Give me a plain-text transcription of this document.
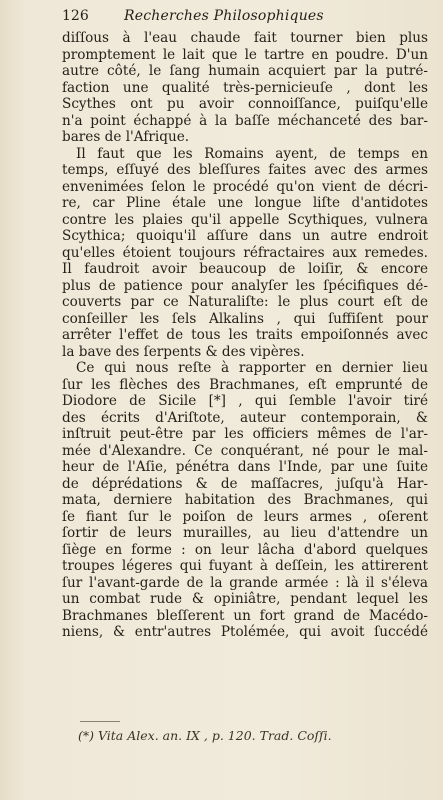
126	Recherches Philosophiques
diſſous à l'eau chaude fait tourner bien plus
promptement le lait que le tartre en poudre. D'un
autre côté, le ſang humain acquiert par la putré-
faction une qualité très-pernicieuſe , dont les
Scythes ont pu avoir connoiſſance, puiſqu'elle
n'a point échappé à la baſſe méchanceté des bar-
bares de l'Afrique.
Il faut que les Romains ayent, de temps en
temps, eſſuyé des bleſſures faites avec des armes
envenimées ſelon le procédé qu'on vient de décri-
re, car Pline étale une longue liſte d'antidotes
contre les plaies qu'il appelle Scythiques, vulnera
Scythica; quoiqu'il aſſure dans un autre endroit
qu'elles étoient toujours réfractaires aux remedes.
Il faudroit avoir beaucoup de loiſir, & encore
plus de patience pour analyſer les ſpécifiques dé-
couverts par ce Naturaliſte: le plus court eſt de
conſeiller les ſels Alkalins , qui ſuffiſent pour
arrêter l'effet de tous les traits empoiſonnés avec
la bave des ſerpents & des vipères.
Ce qui nous reſte à rapporter en dernier lieu
ſur les flèches des Brachmanes, eſt emprunté de
Diodore de Sicile [*] , qui ſemble l'avoir tiré
des écrits d'Ariſtote, auteur contemporain, &
inſtruit peut-être par les officiers mêmes de l'ar-
mée d'Alexandre. Ce conquérant, né pour le mal-
heur de l'Aſie, pénétra dans l'Inde, par une ſuite
de déprédations & de maſſacres, juſqu'à Har-
mata, derniere habitation des Brachmanes, qui
ſe fiant ſur le poiſon de leurs armes , oſerent
ſortir de leurs murailles, au lieu d'attendre un
ſiège en forme : on leur lâcha d'abord quelques
troupes légeres qui fuyant à deſſein, les attirerent
ſur l'avant-garde de la grande armée : là il s'éleva
un combat rude & opiniâtre, pendant lequel les
Brachmanes bleſſerent un fort grand de Macédo-
niens, & entr'autres Ptolémée, qui avoit ſuccédé
(*) Vita Alex. an. IX , p. 120. Trad. Coſſi.
